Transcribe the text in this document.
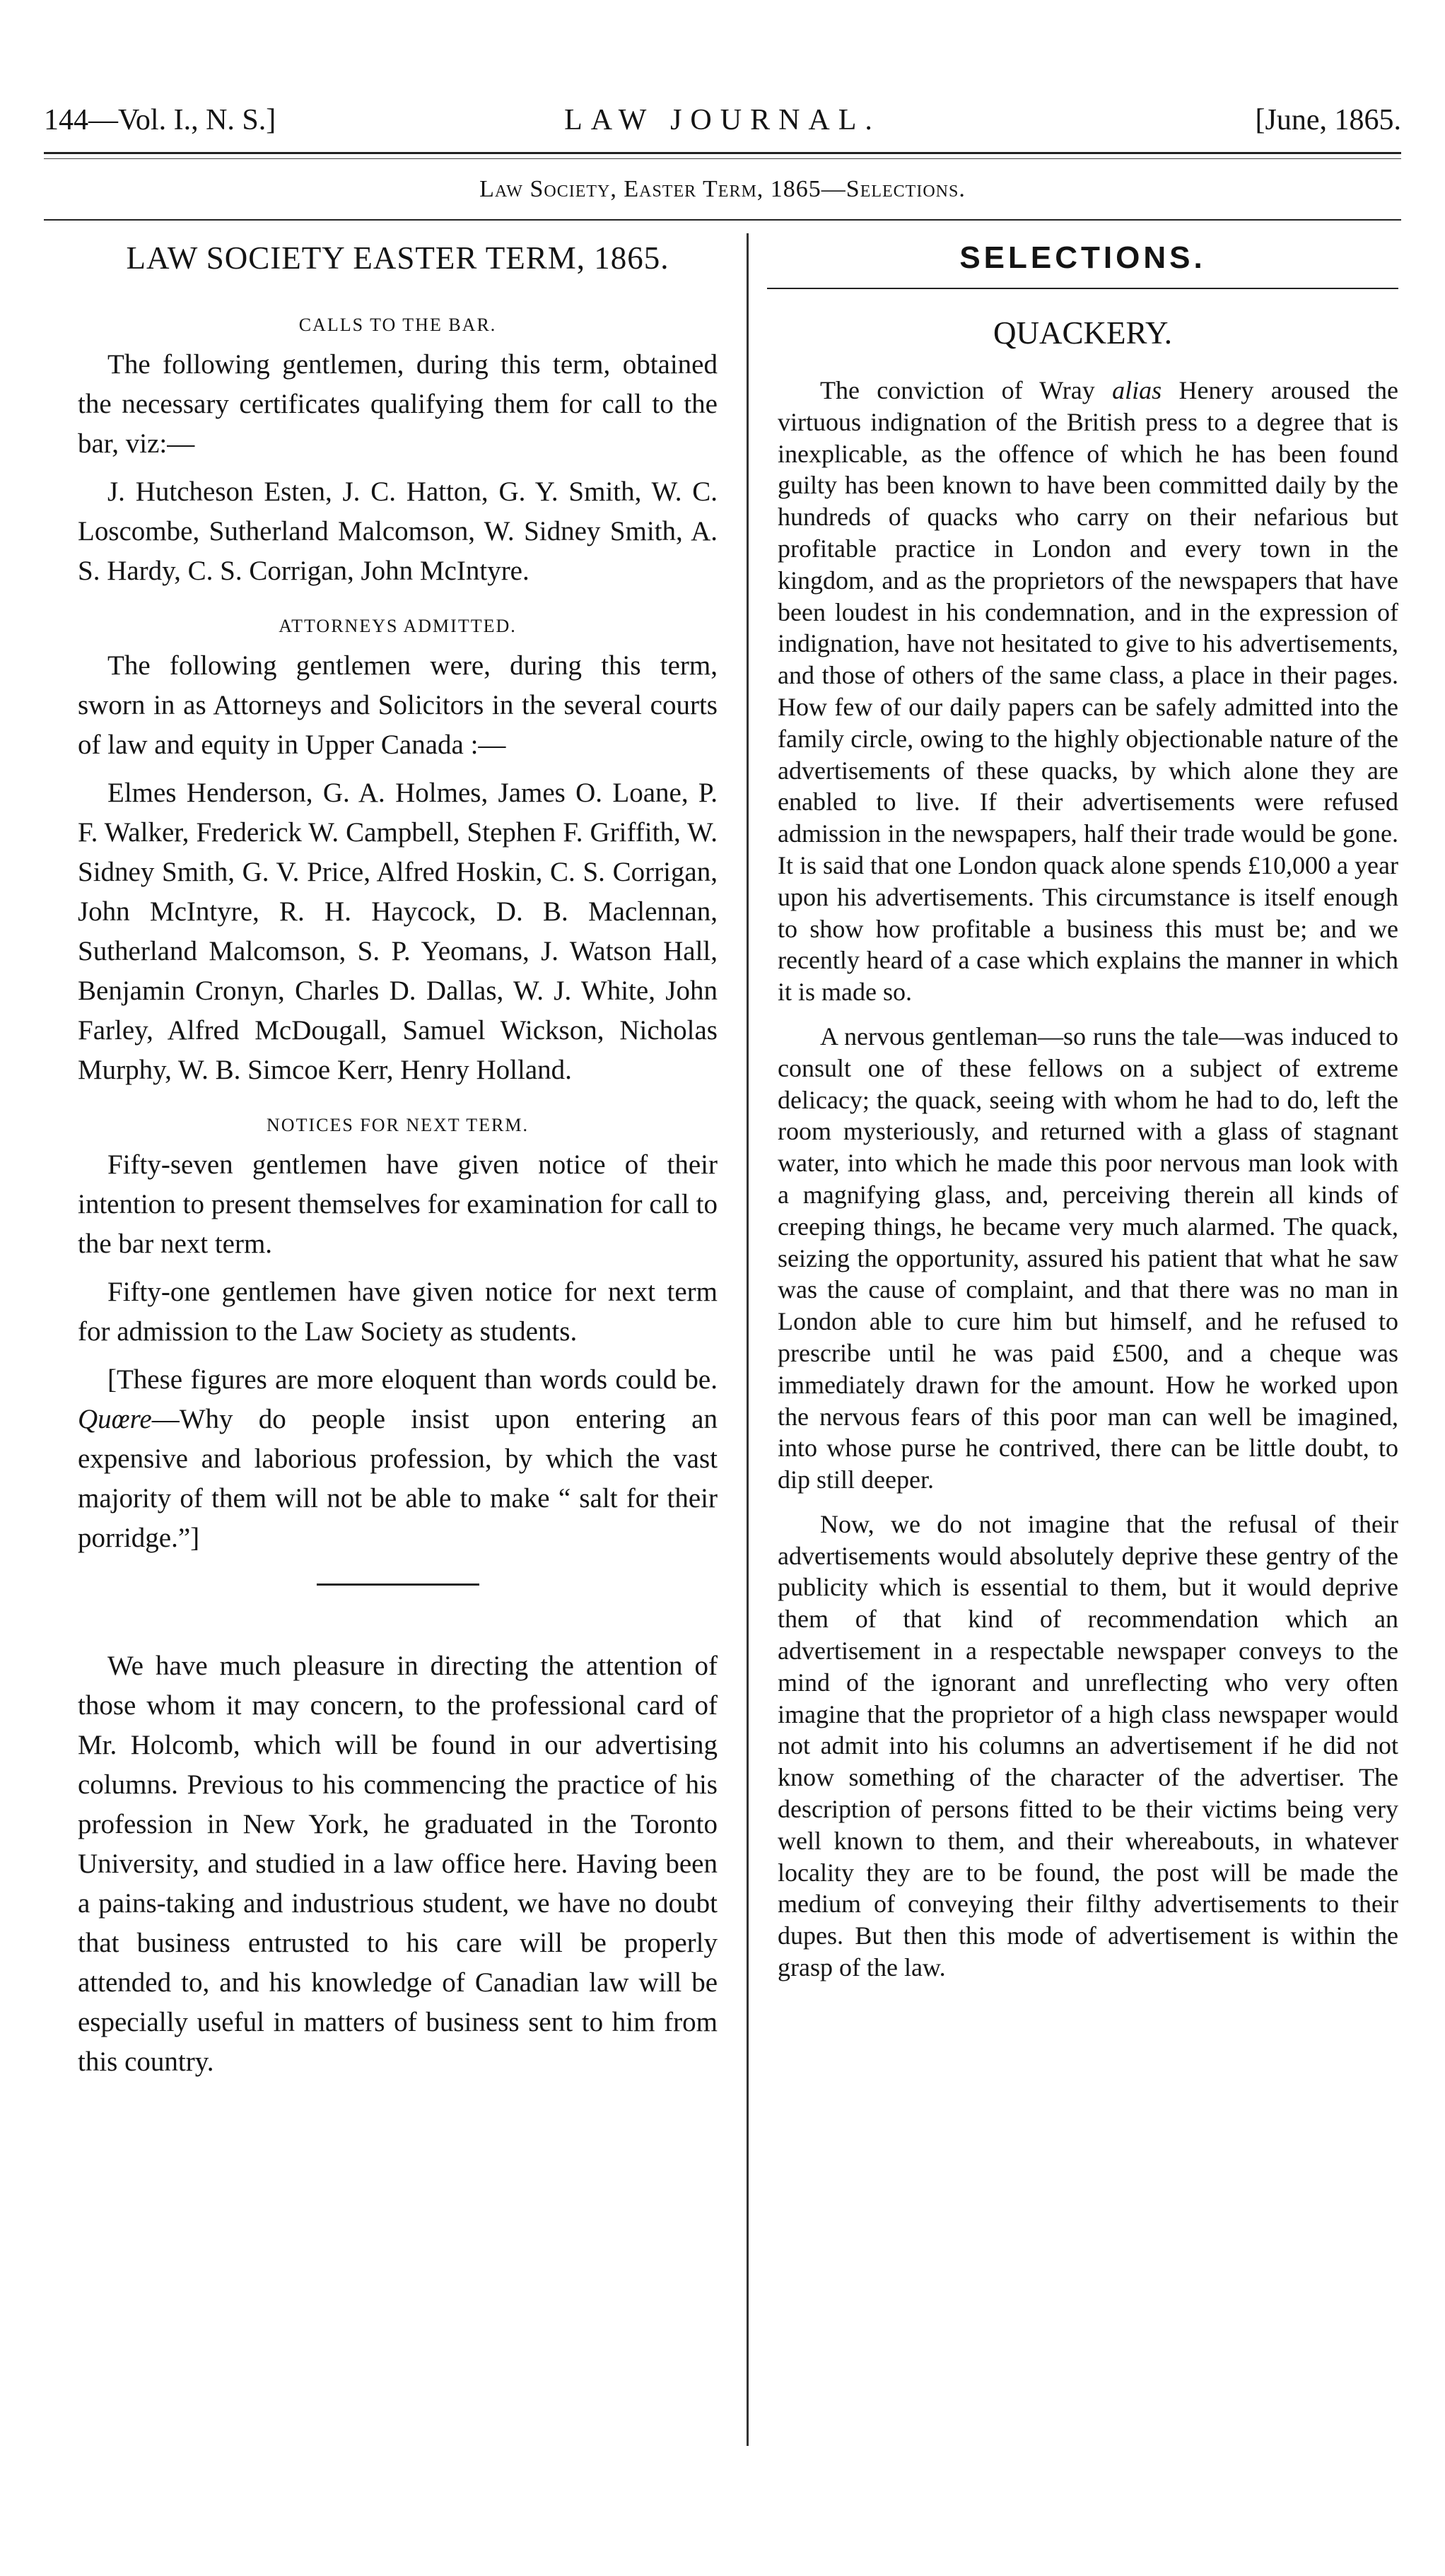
144—Vol. I., N. S.]	LAW JOURNAL.	[June, 1865.
Law Society, Easter Term, 1865—Selections.
LAW SOCIETY EASTER TERM, 1865.
CALLS TO THE BAR.

The following gentlemen, during this term, obtained the necessary certificates qualifying them for call to the bar, viz:—

J. Hutcheson Esten, J. C. Hatton, G. Y. Smith, W. C. Loscombe, Sutherland Malcomson, W. Sidney Smith, A. S. Hardy, C. S. Corrigan, John McIntyre.

ATTORNEYS ADMITTED.

The following gentlemen were, during this term, sworn in as Attorneys and Solicitors in the several courts of law and equity in Upper Canada :—

Elmes Henderson, G. A. Holmes, James O. Loane, P. F. Walker, Frederick W. Campbell, Stephen F. Griffith, W. Sidney Smith, G. V. Price, Alfred Hoskin, C. S. Corrigan, John McIntyre, R. H. Haycock, D. B. Maclennan, Sutherland Malcomson, S. P. Yeomans, J. Watson Hall, Benjamin Cronyn, Charles D. Dallas, W. J. White, John Farley, Alfred McDougall, Samuel Wickson, Nicholas Murphy, W. B. Simcoe Kerr, Henry Holland.

NOTICES FOR NEXT TERM.

Fifty-seven gentlemen have given notice of their intention to present themselves for examination for call to the bar next term.

Fifty-one gentlemen have given notice for next term for admission to the Law Society as students.

[These figures are more eloquent than words could be. Quœre—Why do people insist upon entering an expensive and laborious profession, by which the vast majority of them will not be able to make “ salt for their porridge.”]

We have much pleasure in directing the attention of those whom it may concern, to the professional card of Mr. Holcomb, which will be found in our advertising columns. Previous to his commencing the practice of his profession in New York, he graduated in the Toronto University, and studied in a law office here. Having been a pains-taking and industrious student, we have no doubt that business entrusted to his care will be properly attended to, and his knowledge of Canadian law will be especially useful in matters of business sent to him from this country.

SELECTIONS.
QUACKERY.

The conviction of Wray alias Henery aroused the virtuous indignation of the British press to a degree that is inexplicable, as the offence of which he has been found guilty has been known to have been committed daily by the hundreds of quacks who carry on their nefarious but profitable practice in London and every town in the kingdom, and as the proprietors of the newspapers that have been loudest in his condemnation, and in the expression of indignation, have not hesitated to give to his advertisements, and those of others of the same class, a place in their pages. How few of our daily papers can be safely admitted into the family circle, owing to the highly objectionable nature of the advertisements of these quacks, by which alone they are enabled to live. If their advertisements were refused admission in the newspapers, half their trade would be gone. It is said that one London quack alone spends £10,000 a year upon his advertisements. This circumstance is itself enough to show how profitable a business this must be; and we recently heard of a case which explains the manner in which it is made so.

A nervous gentleman—so runs the tale—was induced to consult one of these fellows on a subject of extreme delicacy; the quack, seeing with whom he had to do, left the room mysteriously, and returned with a glass of stagnant water, into which he made this poor nervous man look with a magnifying glass, and, perceiving therein all kinds of creeping things, he became very much alarmed. The quack, seizing the opportunity, assured his patient that what he saw was the cause of complaint, and that there was no man in London able to cure him but himself, and he refused to prescribe until he was paid £500, and a cheque was immediately drawn for the amount. How he worked upon the nervous fears of this poor man can well be imagined, into whose purse he contrived, there can be little doubt, to dip still deeper.

Now, we do not imagine that the refusal of their advertisements would absolutely deprive these gentry of the publicity which is essential to them, but it would deprive them of that kind of recommendation which an advertisement in a respectable newspaper conveys to the mind of the ignorant and unreflecting who very often imagine that the proprietor of a high class newspaper would not admit into his columns an advertisement if he did not know something of the character of the advertiser. The description of persons fitted to be their victims being very well known to them, and their whereabouts, in whatever locality they are to be found, the post will be made the medium of conveying their filthy advertisements to their dupes. But then this mode of advertisement is within the grasp of the law.
